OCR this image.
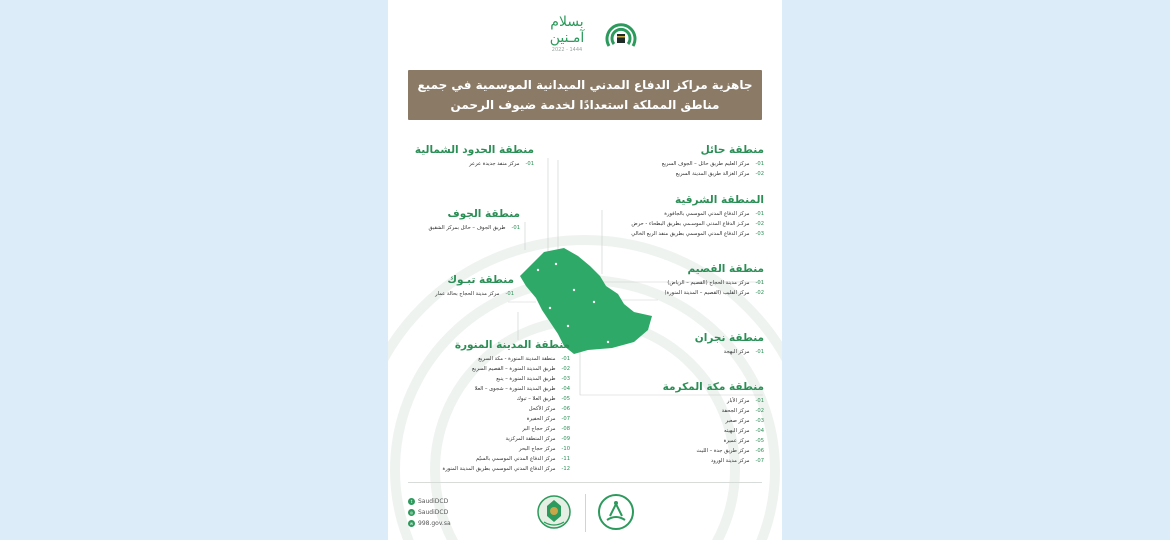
بسلام
آمـنين
2022 - 1444
جاهزية مراكز الدفاع المدني الميدانية الموسمية في جميع
مناطق المملكة استعدادًا لخدمة ضيوف الرحمن
منطقة حائل
01-مركز العليم طريق حائل – الجوف السريع
02-مركز الغزالة طريق المدينة السريع
المنطقة الشرقية
01-مركز الدفاع المدني الموسمي بالجافورة
02-مركـز الدفاع المدني الموسـمي بطريق البطحاء - حرض
03-مركز الدفاع المدني الموسمي بطريق منفذ الربع الخالي
منطقة القصيم
01-مركز مدينة الحجاج (القصيم – الرياض)
02-مركز القليب (القصيم – المدينة المنورة)
منطقة نجران
01-مركز البهجة
منطقة مكة المكرمة
01-مركز الأبار
02-مركز الجحفة
03-مركز صعبر
04-مركز البهيته
05-مركز عميرة
06-مركز طريق جدة – الليث
07-مركز مدينة الورود
منطقة الحدود الشمالية
01-مركز منفذ جديدة عرعر
منطقة الجوف
01-طريق الجوف – حائل بمركز الشقيق
منطقة تبـوك
01-مركز مدينة الحجاج بحالة عمار
منطقة المدينة المنورة
01-منطقة المدينة المنورة - مكة السريع
02-طريق المدينة المنورة – القصيم السريع
03-طريق المدينة المنورة – ينبع
04-طريق المدينة المنورة – شجوى – العلا
05-طريق العلا – تبوك
06-مركز الأكحل
07-مركز الحفيرة
08-مركز حجاج البر
09-مركز المنطقة المركزية
10-مركز حجاج البحر
11-مركز الدفاع المدني الموسمي بالسيّم
12-مركز الدفاع المدني الموسمي بطريق المدينة المنورة
t SaudiDCD
◎ SaudiDCD
w 998.gov.sa
